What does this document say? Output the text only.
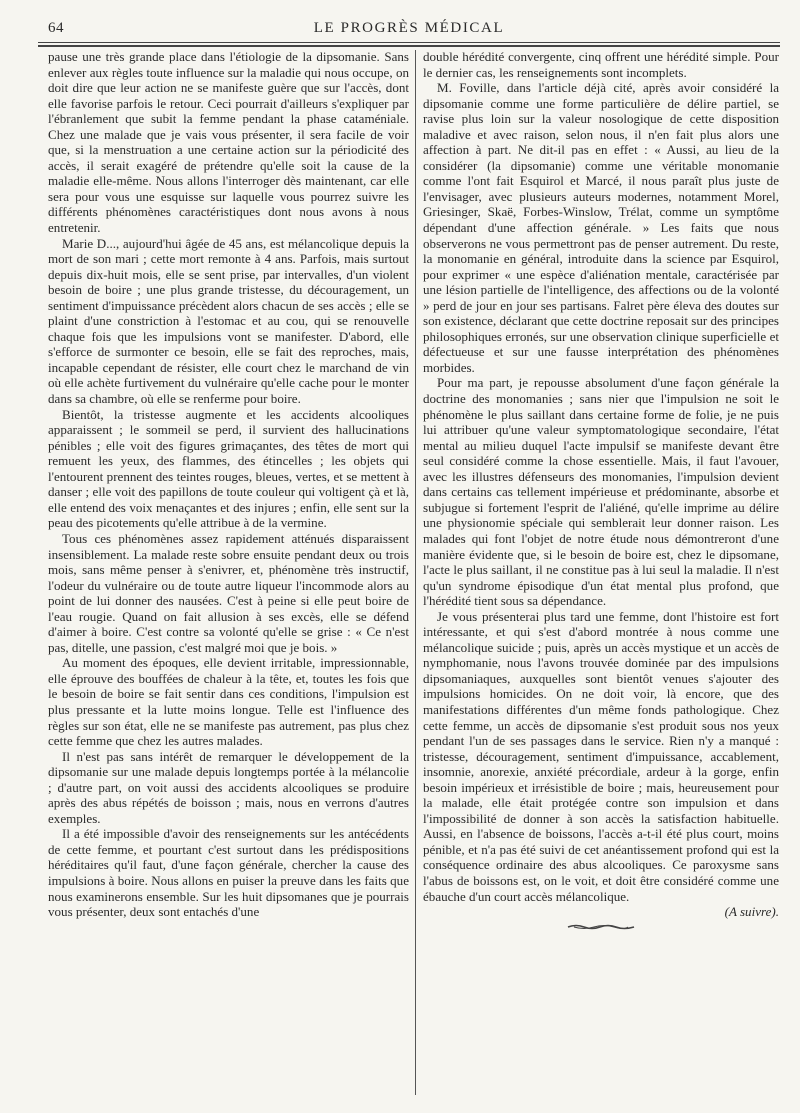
64	LE PROGRÈS MÉDICAL

pause une très grande place dans l'étiologie de la dipsomanie. Sans enlever aux règles toute influence sur la maladie qui nous occupe, on doit dire que leur action ne se manifeste guère que sur l'accès, dont elle favorise parfois le retour. Ceci pourrait d'ailleurs s'expliquer par l'ébranlement que subit la femme pendant la phase cataméniale. Chez une malade que je vais vous présenter, il sera facile de voir que, si la menstruation a une certaine action sur la périodicité des accès, il serait exagéré de prétendre qu'elle soit la cause de la maladie elle-même. Nous allons l'interroger dès maintenant, car elle sera pour vous une esquisse sur laquelle vous pourrez suivre les différents phénomènes caractéristiques dont nous avons à nous entretenir.

Marie D..., aujourd'hui âgée de 45 ans, est mélancolique depuis la mort de son mari ; cette mort remonte à 4 ans. Parfois, mais surtout depuis dix-huit mois, elle se sent prise, par intervalles, d'un violent besoin de boire ; une plus grande tristesse, du découragement, un sentiment d'impuissance précèdent alors chacun de ses accès ; elle se plaint d'une constriction à l'estomac et au cou, qui se renouvelle chaque fois que les impulsions vont se manifester. D'abord, elle s'efforce de surmonter ce besoin, elle se fait des reproches, mais, incapable cependant de résister, elle court chez le marchand de vin où elle achète furtivement du vulnéraire qu'elle cache pour le monter dans sa chambre, où elle se renferme pour boire.

Bientôt, la tristesse augmente et les accidents alcooliques apparaissent ; le sommeil se perd, il survient des hallucinations pénibles ; elle voit des figures grimaçantes, des têtes de mort qui remuent les yeux, des flammes, des étincelles ; les objets qui l'entourent prennent des teintes rouges, bleues, vertes, et se mettent à danser ; elle voit des papillons de toute couleur qui voltigent çà et là, elle entend des voix menaçantes et des injures ; enfin, elle sent sur la peau des picotements qu'elle attribue à de la vermine.

Tous ces phénomènes assez rapidement atténués disparaissent insensiblement. La malade reste sobre ensuite pendant deux ou trois mois, sans même penser à s'enivrer, et, phénomène très instructif, l'odeur du vulnéraire ou de toute autre liqueur l'incommode alors au point de lui donner des nausées. C'est à peine si elle peut boire de l'eau rougie. Quand on fait allusion à ses excès, elle se défend d'aimer à boire. C'est contre sa volonté qu'elle se grise : « Ce n'est pas, ditelle, une passion, c'est malgré moi que je bois. »

Au moment des époques, elle devient irritable, impressionnable, elle éprouve des bouffées de chaleur à la tête, et, toutes les fois que le besoin de boire se fait sentir dans ces conditions, l'impulsion est plus pressante et la lutte moins longue. Telle est l'influence des règles sur son état, elle ne se manifeste pas autrement, pas plus chez cette femme que chez les autres malades.

Il n'est pas sans intérêt de remarquer le développement de la dipsomanie sur une malade depuis longtemps portée à la mélancolie ; d'autre part, on voit aussi des accidents alcooliques se produire après des abus répétés de boisson ; mais, nous en verrons d'autres exemples.

Il a été impossible d'avoir des renseignements sur les antécédents de cette femme, et pourtant c'est surtout dans les prédispositions héréditaires qu'il faut, d'une façon générale, chercher la cause des impulsions à boire. Nous allons en puiser la preuve dans les faits que nous examinerons ensemble. Sur les huit dipsomanes que je pourrais vous présenter, deux sont entachés d'une

double hérédité convergente, cinq offrent une hérédité simple. Pour le dernier cas, les renseignements sont incomplets.

M. Foville, dans l'article déjà cité, après avoir considéré la dipsomanie comme une forme particulière de délire partiel, se ravise plus loin sur la valeur nosologique de cette disposition maladive et avec raison, selon nous, il n'en fait plus alors une affection à part. Ne dit-il pas en effet : « Aussi, au lieu de la considérer (la dipsomanie) comme une véritable monomanie comme l'ont fait Esquirol et Marcé, il nous paraît plus juste de l'envisager, avec plusieurs auteurs modernes, notamment Morel, Griesinger, Skaë, Forbes-Winslow, Trélat, comme un symptôme dépendant d'une affection générale. » Les faits que nous observerons ne vous permettront pas de penser autrement. Du reste, la monomanie en général, introduite dans la science par Esquirol, pour exprimer « une espèce d'aliénation mentale, caractérisée par une lésion partielle de l'intelligence, des affections ou de la volonté » perd de jour en jour ses partisans. Falret père éleva des doutes sur son existence, déclarant que cette doctrine reposait sur des principes philosophiques erronés, sur une observation clinique superficielle et défectueuse et sur une fausse interprétation des phénomènes morbides.

Pour ma part, je repousse absolument d'une façon générale la doctrine des monomanies ; sans nier que l'impulsion ne soit le phénomène le plus saillant dans certaine forme de folie, je ne puis lui attribuer qu'une valeur symptomatologique secondaire, l'état mental au milieu duquel l'acte impulsif se manifeste devant être seul considéré comme la chose essentielle. Mais, il faut l'avouer, avec les illustres défenseurs des monomanies, l'impulsion devient dans certains cas tellement impérieuse et prédominante, absorbe et subjugue si fortement l'esprit de l'aliéné, qu'elle imprime au délire une physionomie spéciale qui semblerait leur donner raison. Les malades qui font l'objet de notre étude nous démontreront d'une manière évidente que, si le besoin de boire est, chez le dipsomane, l'acte le plus saillant, il ne constitue pas à lui seul la maladie. Il n'est qu'un syndrome épisodique d'un état mental plus profond, que l'hérédité tient sous sa dépendance.

Je vous présenterai plus tard une femme, dont l'histoire est fort intéressante, et qui s'est d'abord montrée à nous comme une mélancolique suicide ; puis, après un accès mystique et un accès de nymphomanie, nous l'avons trouvée dominée par des impulsions dipsomaniaques, auxquelles sont bientôt venues s'ajouter des impulsions homicides. On ne doit voir, là encore, que des manifestations différentes d'un même fonds pathologique. Chez cette femme, un accès de dipsomanie s'est produit sous nos yeux pendant l'un de ses passages dans le service. Rien n'y a manqué : tristesse, découragement, sentiment d'impuissance, accablement, insomnie, anorexie, anxiété précordiale, ardeur à la gorge, enfin besoin impérieux et irrésistible de boire ; mais, heureusement pour la malade, elle était protégée contre son impulsion et dans l'impossibilité de donner à son accès la satisfaction habituelle. Aussi, en l'absence de boissons, l'accès a-t-il été plus court, moins pénible, et n'a pas été suivi de cet anéantissement profond qui est la conséquence ordinaire des abus alcooliques. Ce paroxysme sans l'abus de boissons est, on le voit, et doit être considéré comme une ébauche d'un court accès mélancolique.

(A suivre).
